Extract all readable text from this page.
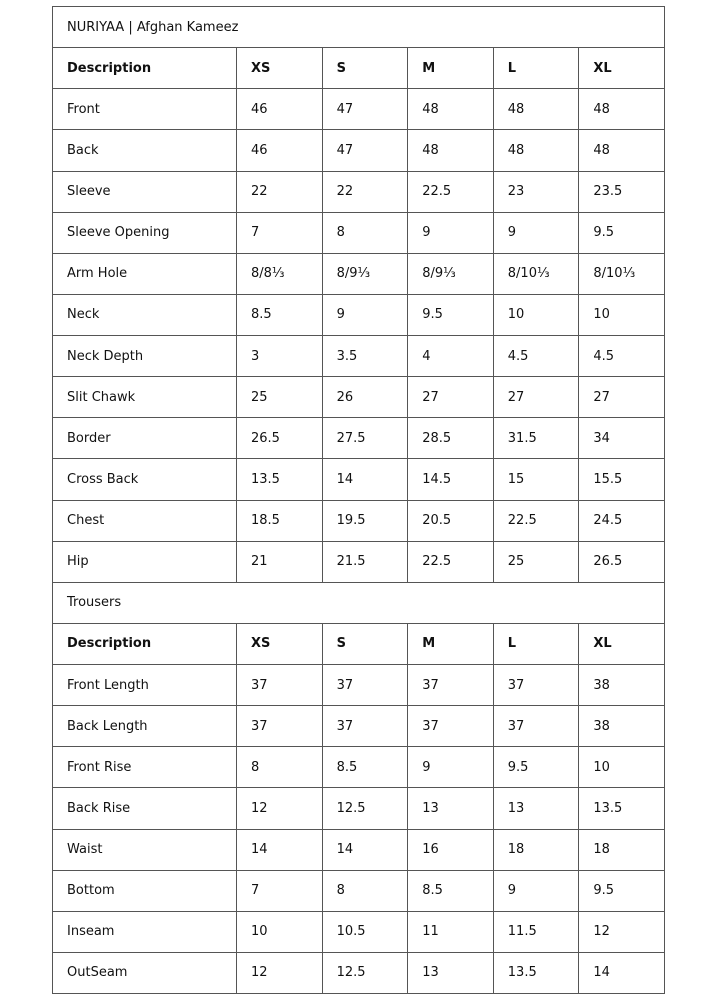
NURIYAA | Afghan Kameez					
Description	XS	S	M	L	XL
Front	46	47	48	48	48
Back	46	47	48	48	48
Sleeve	22	22	22.5	23	23.5
Sleeve Opening	7	8	9	9	9.5
Arm Hole	8/8⅓	8/9⅓	8/9⅓	8/10⅓	8/10⅓
Neck	8.5	9	9.5	10	10
Neck Depth	3	3.5	4	4.5	4.5
Slit Chawk	25	26	27	27	27
Border	26.5	27.5	28.5	31.5	34
Cross Back	13.5	14	14.5	15	15.5
Chest	18.5	19.5	20.5	22.5	24.5
Hip	21	21.5	22.5	25	26.5
Trousers					
Description	XS	S	M	L	XL
Front Length	37	37	37	37	38
Back Length	37	37	37	37	38
Front Rise	8	8.5	9	9.5	10
Back Rise	12	12.5	13	13	13.5
Waist	14	14	16	18	18
Bottom	7	8	8.5	9	9.5
Inseam	10	10.5	11	11.5	12
OutSeam	12	12.5	13	13.5	14
